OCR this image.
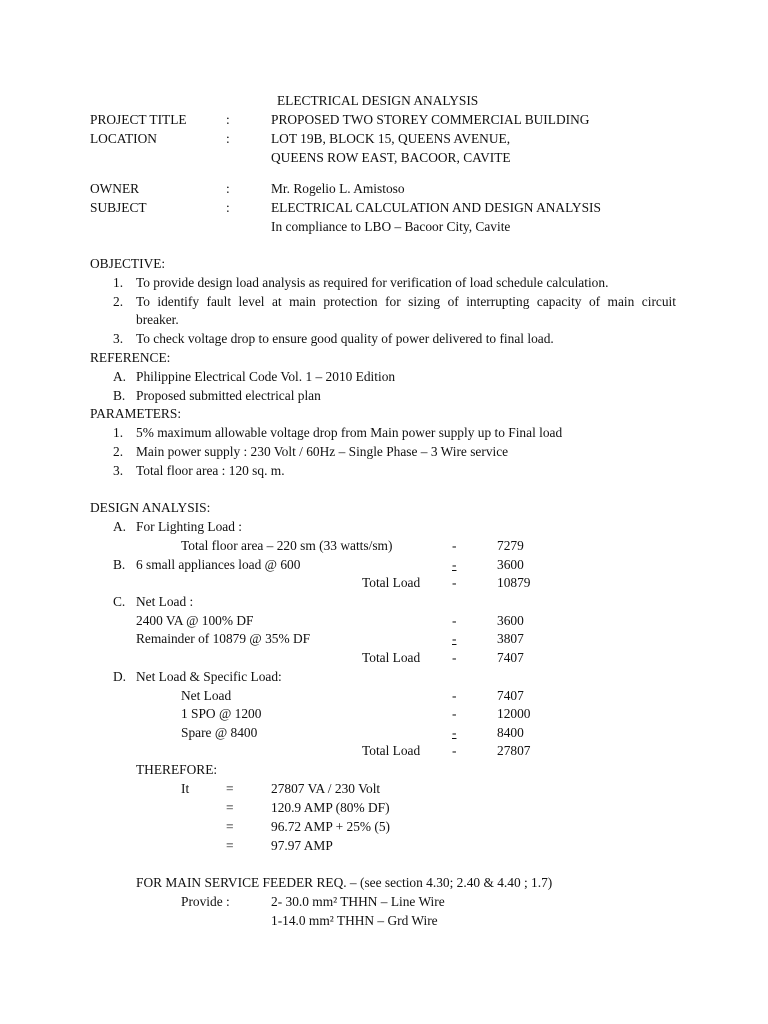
ELECTRICAL DESIGN ANALYSIS
PROJECT TITLE	:	PROPOSED TWO STOREY COMMERCIAL BUILDING
LOCATION	:	LOT 19B, BLOCK 15, QUEENS AVENUE,
QUEENS ROW EAST, BACOOR, CAVITE
OWNER	:	Mr. Rogelio L. Amistoso
SUBJECT	:	ELECTRICAL CALCULATION AND DESIGN ANALYSIS
In compliance to LBO – Bacoor City, Cavite
OBJECTIVE:
1. To provide design load analysis as required for verification of load schedule calculation.
2. To identify fault level at main protection for sizing of interrupting capacity of main circuit
breaker.
3. To check voltage drop to ensure good quality of power delivered to final load.
REFERENCE:
A. Philippine Electrical Code Vol. 1 – 2010 Edition
B. Proposed submitted electrical plan
PARAMETERS:
1. 5% maximum allowable voltage drop from Main power supply up to Final load
2. Main power supply : 230 Volt / 60Hz – Single Phase – 3 Wire service
3. Total floor area : 120 sq. m.
DESIGN ANALYSIS:
A. For Lighting Load :
Total floor area – 220 sm (33 watts/sm)	-	7279
B. 6 small appliances load @ 600	-	3600
Total Load -	10879
C. Net Load :
2400 VA @ 100% DF	-	3600
Remainder of 10879 @ 35% DF	-	3807
Total Load -	7407
D. Net Load & Specific Load:
Net Load	-	7407
1 SPO @ 1200	-	12000
Spare @ 8400	-	8400
Total Load -	27807
THEREFORE:
It	=	27807 VA / 230 Volt
=	120.9 AMP (80% DF)
=	96.72 AMP + 25% (5)
=	97.97 AMP
FOR MAIN SERVICE FEEDER REQ. – (see section 4.30; 2.40 & 4.40 ; 1.7)
Provide :	2- 30.0 mm² THHN – Line Wire
1-14.0 mm² THHN – Grd Wire
